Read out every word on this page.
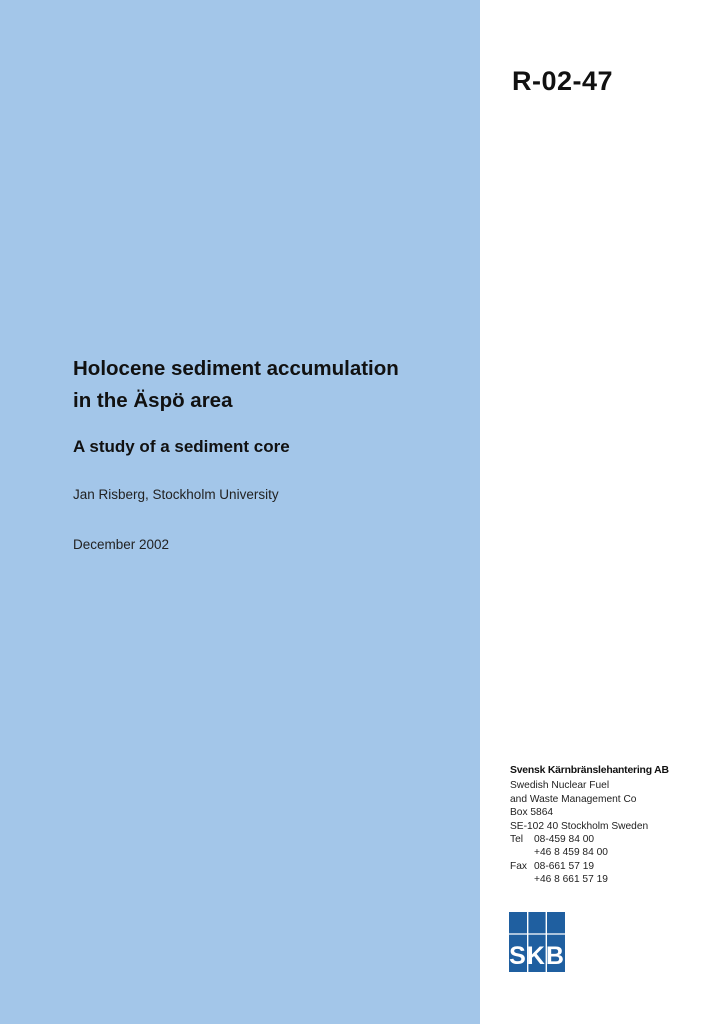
R-02-47
Holocene sediment accumulation
in the Äspö area
A study of a sediment core
Jan Risberg, Stockholm University
December 2002
Svensk Kärnbränslehantering AB
Swedish Nuclear Fuel
and Waste Management Co
Box 5864
SE-102 40 Stockholm Sweden
Tel	08-459 84 00
+46 8 459 84 00
Fax 08-661 57 19
+46 8 661 57 19
SKB
